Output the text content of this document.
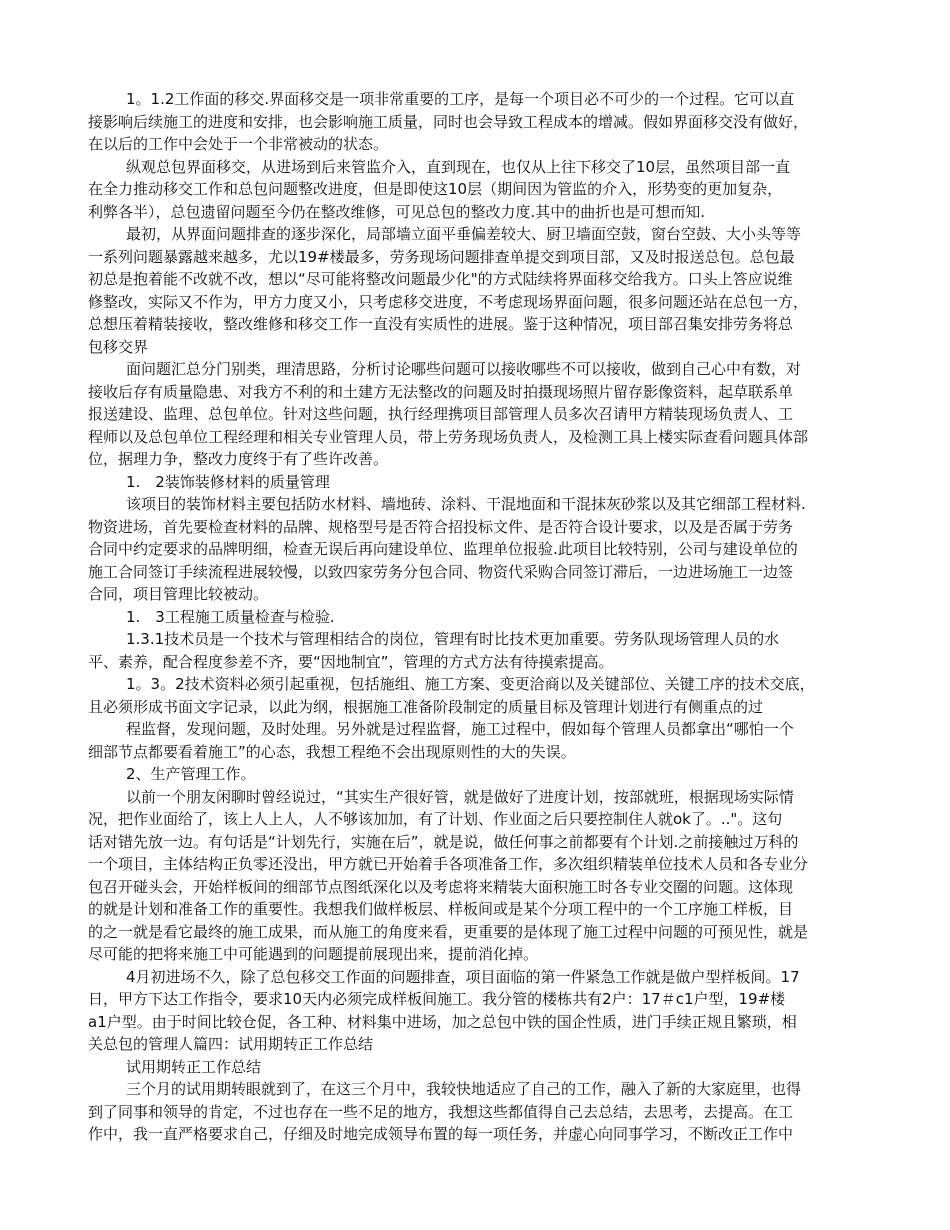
1。1.2工作面的移交.界面移交是一项非常重要的工序，是每一个项目必不可少的一个过程。它可以直
接影响后续施工的进度和安排，也会影响施工质量，同时也会导致工程成本的增减。假如界面移交没有做好，
在以后的工作中会处于一个非常被动的状态。
纵观总包界面移交，从进场到后来管监介入，直到现在，也仅从上往下移交了10层，虽然项目部一直
在全力推动移交工作和总包问题整改进度，但是即使这10层（期间因为管监的介入，形势变的更加复杂，
利弊各半），总包遗留问题至今仍在整改维修，可见总包的整改力度.其中的曲折也是可想而知.
最初，从界面问题排查的逐步深化，局部墙立面平垂偏差较大、厨卫墙面空鼓，窗台空鼓、大小头等等
一系列问题暴露越来越多，尤以19#楼最多，劳务现场问题排查单提交到项目部，又及时报送总包。总包最
初总是抱着能不改就不改，想以“尽可能将整改问题最少化"的方式陆续将界面移交给我方。口头上答应说维
修整改，实际又不作为，甲方力度又小，只考虑移交进度，不考虑现场界面问题，很多问题还站在总包一方，
总想压着精装接收，整改维修和移交工作一直没有实质性的进展。鉴于这种情况，项目部召集安排劳务将总
包移交界
面问题汇总分门别类，理清思路，分析讨论哪些问题可以接收哪些不可以接收，做到自己心中有数，对
接收后存有质量隐患、对我方不利的和土建方无法整改的问题及时拍摄现场照片留存影像资料，起草联系单
报送建设、监理、总包单位。针对这些问题，执行经理携项目部管理人员多次召请甲方精装现场负责人、工
程师以及总包单位工程经理和相关专业管理人员，带上劳务现场负责人，及检测工具上楼实际查看问题具体部
位，据理力争，整改力度终于有了些许改善。
1.　2装饰装修材料的质量管理
该项目的装饰材料主要包括防水材料、墙地砖、涂料、干混地面和干混抹灰砂浆以及其它细部工程材料.
物资进场，首先要检查材料的品牌、规格型号是否符合招投标文件、是否符合设计要求，以及是否属于劳务
合同中约定要求的品牌明细，检查无误后再向建设单位、监理单位报验.此项目比较特别，公司与建设单位的
施工合同签订手续流程进展较慢，以致四家劳务分包合同、物资代采购合同签订滞后，一边进场施工一边签
合同，项目管理比较被动。
1.　3工程施工质量检查与检验.
1.3.1技术员是一个技术与管理相结合的岗位，管理有时比技术更加重要。劳务队现场管理人员的水
平、素养，配合程度参差不齐，要“因地制宜”，管理的方式方法有待摸索提高。
1。3。2技术资料必须引起重视，包括施组、施工方案、变更洽商以及关键部位、关键工序的技术交底，
且必须形成书面文字记录，以此为纲，根据施工准备阶段制定的质量目标及管理计划进行有侧重点的过
程监督，发现问题，及时处理。另外就是过程监督，施工过程中，假如每个管理人员都拿出“哪怕一个
细部节点都要看着施工”的心态，我想工程绝不会出现原则性的大的失误。
2、生产管理工作。
以前一个朋友闲聊时曾经说过，“其实生产很好管，就是做好了进度计划，按部就班，根据现场实际情
况，把作业面给了，该上人上人，人不够该加加，有了计划、作业面之后只要控制住人就ok了。.."。这句
话对错先放一边。有句话是“计划先行，实施在后”，就是说，做任何事之前都要有个计划.之前接触过万科的
一个项目，主体结构正负零还没出，甲方就已开始着手各项准备工作，多次组织精装单位技术人员和各专业分
包召开碰头会，开始样板间的细部节点图纸深化以及考虑将来精装大面积施工时各专业交圈的问题。这体现
的就是计划和准备工作的重要性。我想我们做样板层、样板间或是某个分项工程中的一个工序施工样板，目
的之一就是看它最终的施工成果，而从施工的角度来看，更重要的是体现了施工过程中问题的可预见性，就是
尽可能的把将来施工中可能遇到的问题提前展现出来，提前消化掉。
4月初进场不久，除了总包移交工作面的问题排查，项目面临的第一件紧急工作就是做户型样板间。17
日，甲方下达工作指令，要求10天内必须完成样板间施工。我分管的楼栋共有2户：17＃c1户型，19#楼
a1户型。由于时间比较仓促，各工种、材料集中进场，加之总包中铁的国企性质，进门手续正规且繁琐，相
关总包的管理人篇四：试用期转正工作总结
试用期转正工作总结
三个月的试用期转眼就到了，在这三个月中，我较快地适应了自己的工作，融入了新的大家庭里，也得
到了同事和领导的肯定，不过也存在一些不足的地方，我想这些都值得自己去总结，去思考，去提高。在工
作中，我一直严格要求自己，仔细及时地完成领导布置的每一项任务，并虚心向同事学习，不断改正工作中
